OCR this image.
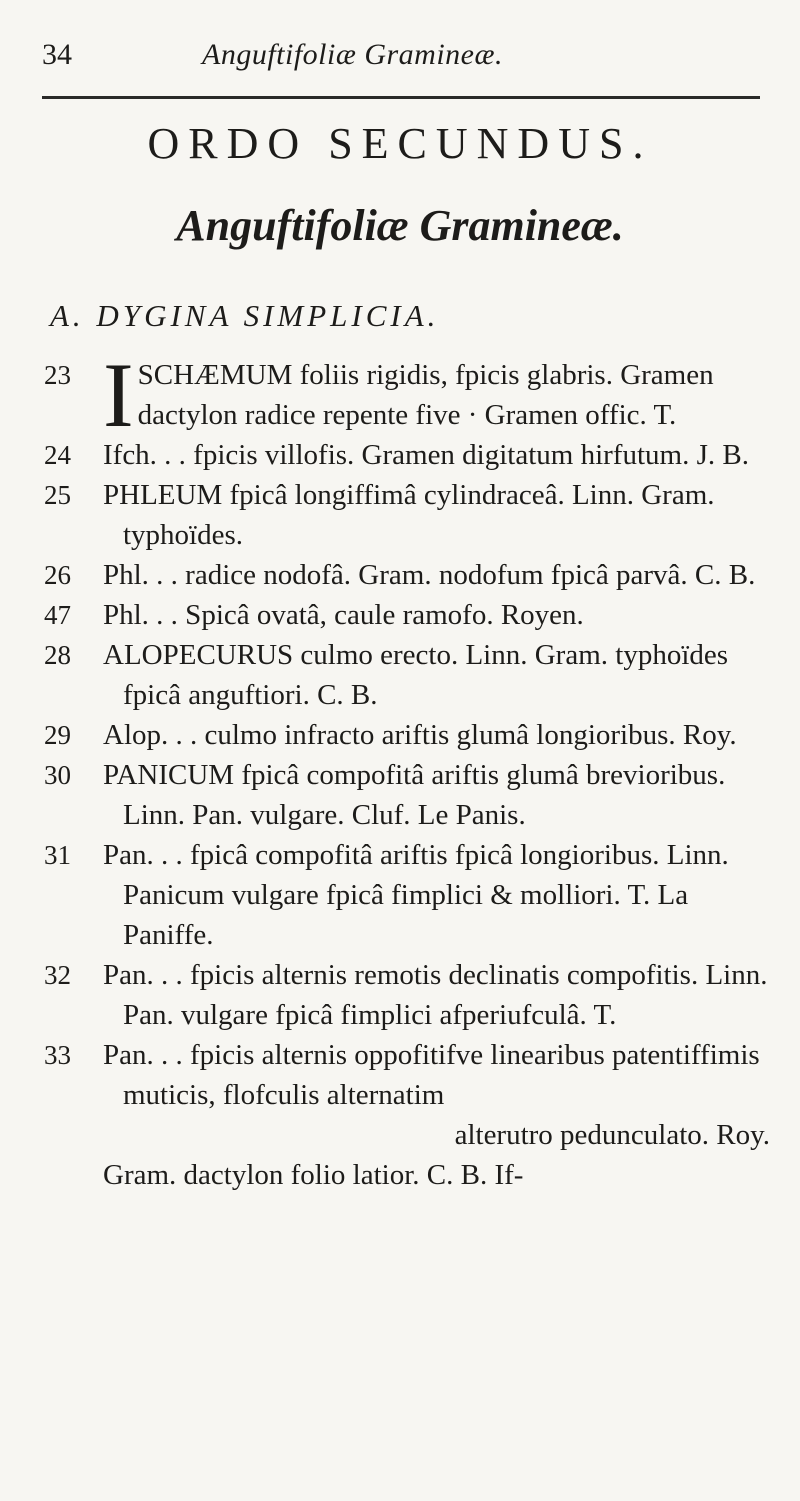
34	Anguftifoliæ Gramineæ.
ORDO SECUNDUS.
Anguftifoliæ Gramineæ.
A. DYGINA SIMPLICIA.
23 ISCHÆMUM foliis rigidis, fpicis glabris. Gramen dactylon radice repente five · Gramen offic. T.
24 Ifch. . . fpicis villofis. Gramen digitatum hirfutum. J. B.
25 PHLEUM fpicâ longiffimâ cylindraceâ. Linn. Gram. typhoïdes.
26 Phl. . . radice nodofâ. Gram. nodofum fpicâ parvâ. C. B.
47 Phl. . . Spicâ ovatâ, caule ramofo. Royen.
28 ALOPECURUS culmo erecto. Linn. Gram. typhoïdes fpicâ anguftiori. C. B.
29 Alop. . . culmo infracto ariftis glumâ longioribus. Roy.
30 PANICUM fpicâ compofitâ ariftis glumâ brevioribus. Linn. Pan. vulgare. Cluf. Le Panis.
31 Pan. . . fpicâ compofitâ ariftis fpicâ longioribus. Linn. Panicum vulgare fpicâ fimplici & molliori. T. La Paniffe.
32 Pan. . . fpicis alternis remotis declinatis compofitis. Linn. Pan. vulgare fpicâ fimplici afperiufculâ. T.
33 Pan. . . fpicis alternis oppofitifve linearibus patentiffimis muticis, flofculis alternatim
alterutro pedunculato. Roy.
Gram. dactylon folio latior. C. B. If-
